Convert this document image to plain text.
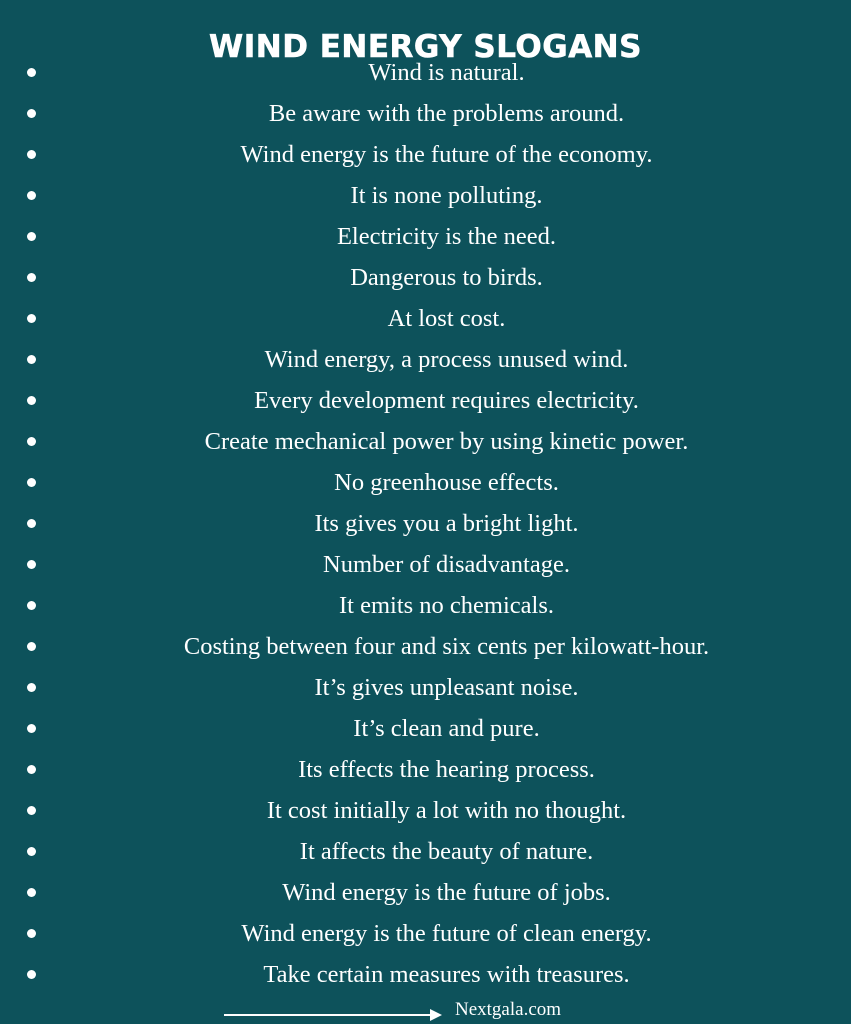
WIND ENERGY SLOGANS
Wind is natural.
Be aware with the problems around.
Wind energy is the future of the economy.
It is none polluting.
Electricity is the need.
Dangerous to birds.
At lost cost.
Wind energy, a process unused wind.
Every development requires electricity.
Create mechanical power by using kinetic power.
No greenhouse effects.
Its gives you a bright light.
Number of disadvantage.
It emits no chemicals.
Costing between four and six cents per kilowatt-hour.
It’s gives unpleasant noise.
It’s clean and pure.
Its effects the hearing process.
It cost initially a lot with no thought.
It affects the beauty of nature.
Wind energy is the future of jobs.
Wind energy is the future of clean energy.
Take certain measures with treasures.
Nextgala.com
